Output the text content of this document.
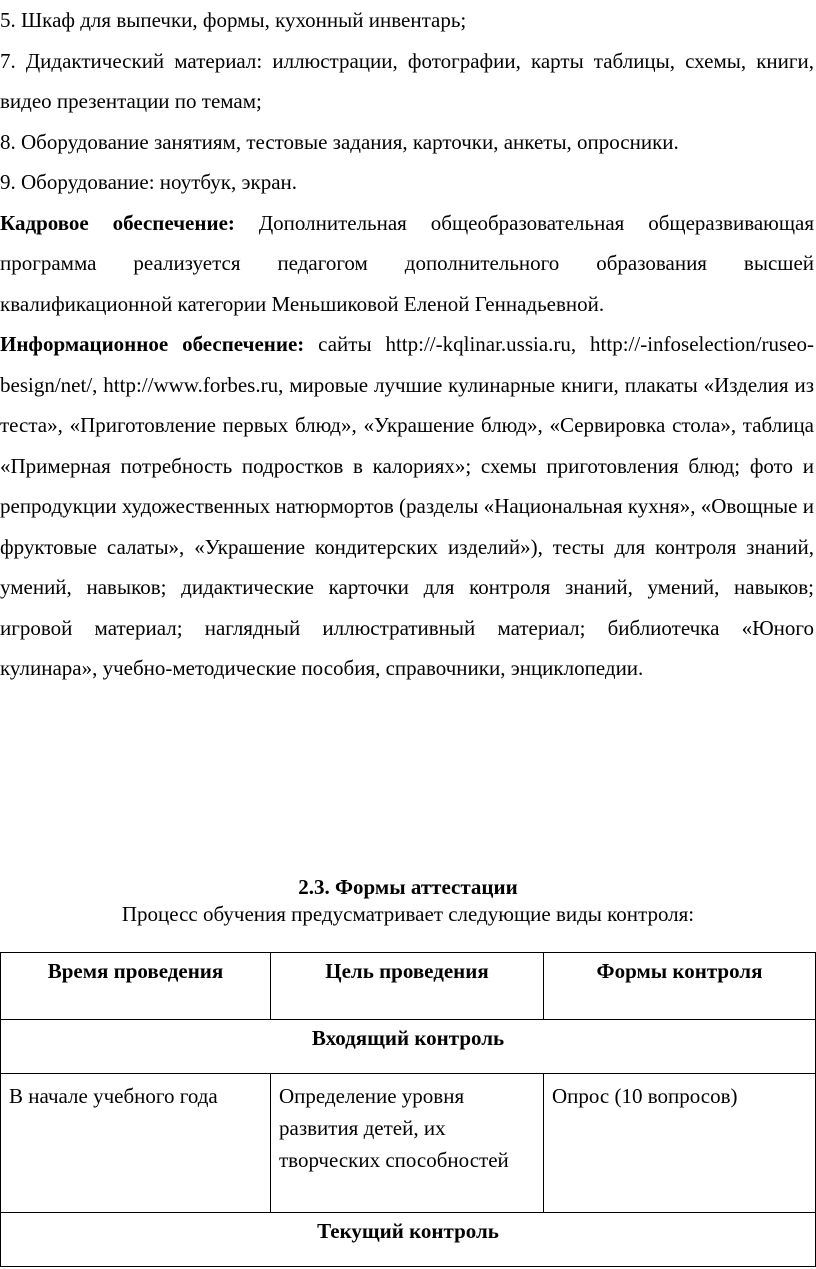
5. Шкаф для выпечки, формы, кухонный инвентарь;

7. Дидактический материал: иллюстрации, фотографии, карты таблицы, схемы, книги, видео презентации по темам;

8. Оборудование занятиям, тестовые задания, карточки, анкеты, опросники.

9. Оборудование: ноутбук, экран.

Кадровое обеспечение: Дополнительная общеобразовательная общеразвивающая программа реализуется педагогом дополнительного образования высшей квалификационной категории Меньшиковой Еленой Геннадьевной.

Информационное обеспечение: сайты http://-kqlinar.ussia.ru, http://-infoselection/ruseo-besign/net/, http://www.forbes.ru, мировые лучшие кулинарные книги, плакаты «Изделия из теста», «Приготовление первых блюд», «Украшение блюд», «Сервировка стола», таблица «Примерная потребность подростков в калориях»; схемы приготовления блюд; фото и репродукции художественных натюрмортов (разделы «Национальная кухня», «Овощные и фруктовые салаты», «Украшение кондитерских изделий»), тесты для контроля знаний, умений, навыков; дидактические карточки для контроля знаний, умений, навыков; игровой материал; наглядный иллюстративный материал; библиотечка «Юного кулинара», учебно-методические пособия, справочники, энциклопедии.

2.3. Формы аттестации
Процесс обучения предусматривает следующие виды контроля:
Время проведения	Цель проведения	Формы контроля
Входящий контроль		
В начале учебного года	Определение уровня развития детей, их творческих способностей	Опрос (10 вопросов)
Текущий контроль		
